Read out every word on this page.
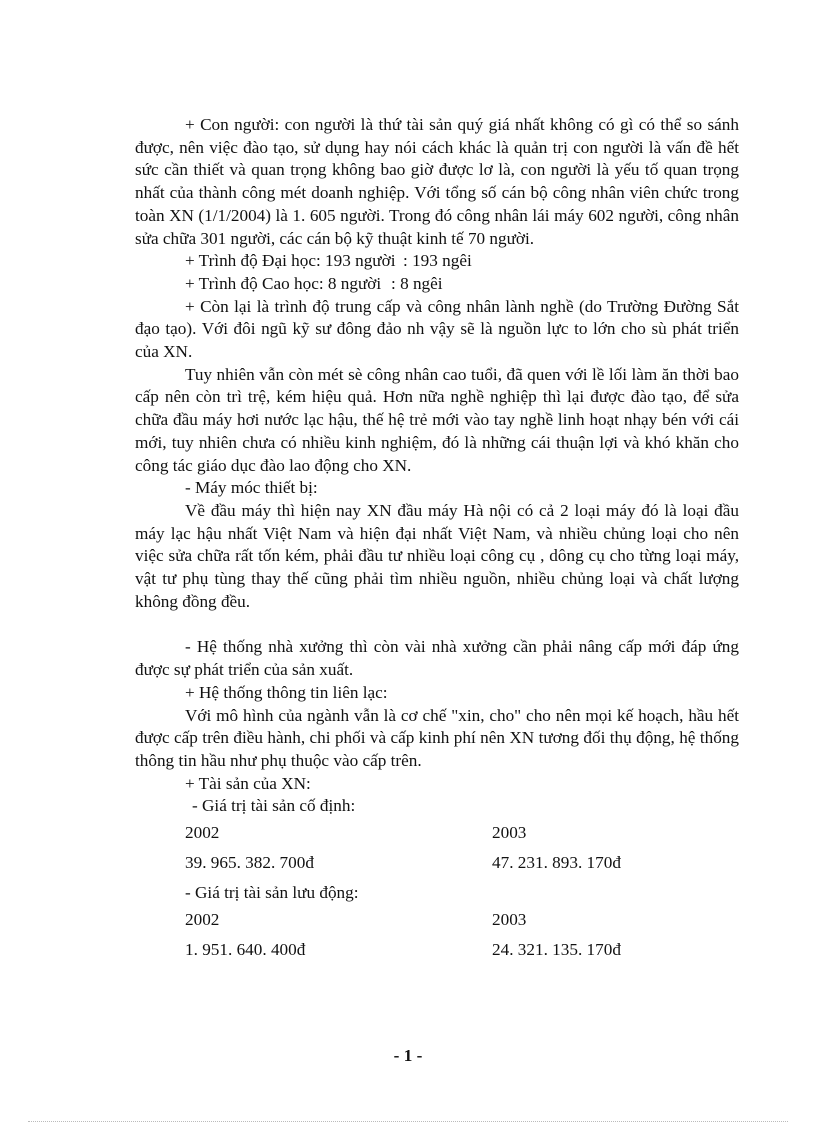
+ Con người: con người là thứ tài sản quý giá nhất không có gì có thể so sánh được, nên việc đào tạo, sử dụng hay nói cách khác là quản trị con người là vấn đề hết sức cần thiết và quan trọng không bao giờ được lơ là, con người là yếu tố quan trọng nhất của thành công mét doanh nghiệp. Với tổng số cán bộ công nhân viên chức trong toàn XN (1/1/2004) là 1. 605 người. Trong đó công nhân lái máy 602 người, công nhân sửa chữa 301 người, các cán bộ kỹ thuật kinh tế 70 người.

+ Trình độ Đại học: 193 người : 193 ngêi

+ Trình độ Cao học: 8 người : 8 ngêi

+ Còn lại là trình độ trung cấp và công nhân lành nghề (do Trường Đường Sắt đạo tạo). Với đôi ngũ kỹ sư đông đảo nh vậy sẽ là nguồn lực to lớn cho sù phát triển của XN.

Tuy nhiên vẫn còn mét sè công nhân cao tuổi, đã quen với lề lối làm ăn thời bao cấp nên còn trì trệ, kém hiệu quả. Hơn nữa nghề nghiệp thì lại được đào tạo, để sửa chữa đầu máy hơi nước lạc hậu, thế hệ trẻ mới vào tay nghề linh hoạt nhạy bén với cái mới, tuy nhiên chưa có nhiều kinh nghiệm, đó là những cái thuận lợi và khó khăn cho công tác giáo dục đào lao động cho XN.

- Máy móc thiết bị:

Về đầu máy thì hiện nay XN đầu máy Hà nội có cả 2 loại máy đó là loại đầu máy lạc hậu nhất Việt Nam và hiện đại nhất Việt Nam, và nhiều chủng loại cho nên việc sửa chữa rất tốn kém, phải đầu tư nhiều loại công cụ , dông cụ cho từng loại máy, vật tư phụ tùng thay thế cũng phải tìm nhiều nguồn, nhiều chủng loại và chất lượng không đồng đều.

- Hệ thống nhà xưởng thì còn vài nhà xưởng cần phải nâng cấp mới đáp ứng được sự phát triển của sản xuất.

+ Hệ thống thông tin liên lạc:

Với mô hình của ngành vẫn là cơ chế "xin, cho" cho nên mọi kế hoạch, hầu hết được cấp trên điều hành, chi phối và cấp kinh phí nên XN tương đối thụ động, hệ thống thông tin hầu như phụ thuộc vào cấp trên.

+ Tài sản của XN:

- Giá trị tài sản cố định:

2002	2003
39. 965. 382. 700đ	47. 231. 893. 170đ

- Giá trị tài sản lưu động:

2002	2003
1. 951. 640. 400đ	24. 321. 135. 170đ
- 1 -
